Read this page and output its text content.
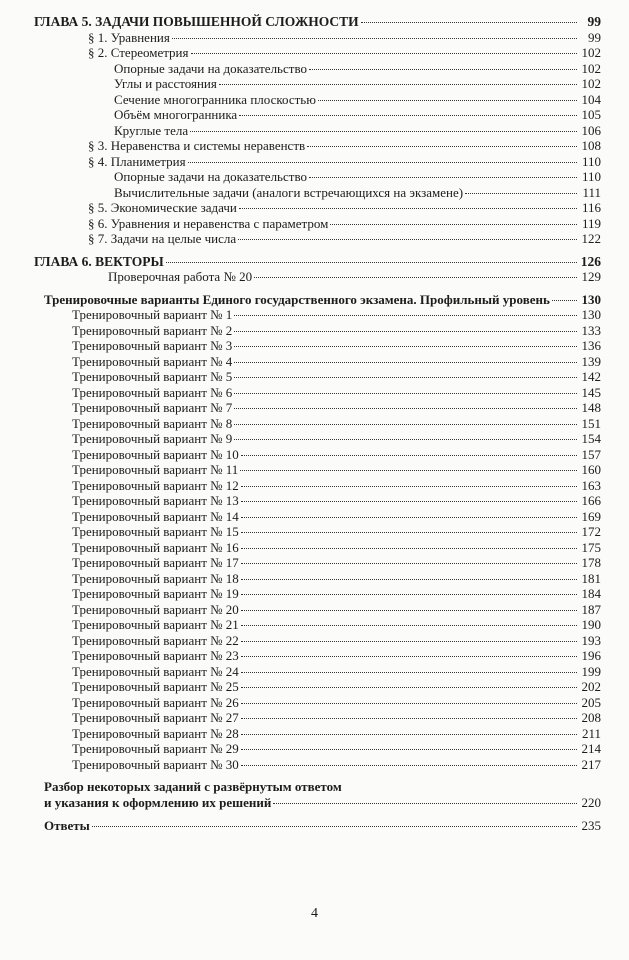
ГЛАВА 5. ЗАДАЧИ ПОВЫШЕННОЙ СЛОЖНОСТИ	99
§ 1. Уравнения	99
§ 2. Стереометрия	102
Опорные задачи на доказательство	102
Углы и расстояния	102
Сечение многогранника плоскостью	104
Объём многогранника	105
Круглые тела	106
§ 3. Неравенства и системы неравенств	108
§ 4. Планиметрия	110
Опорные задачи на доказательство	110
Вычислительные задачи (аналоги встречающихся на экзамене)	111
§ 5. Экономические задачи	116
§ 6. Уравнения и неравенства с параметром	119
§ 7. Задачи на целые числа	122
ГЛАВА 6. ВЕКТОРЫ	126
Проверочная работа № 20	129
Тренировочные варианты Единого государственного экзамена. Профильный уровень 130
Тренировочный вариант № 1	130
Тренировочный вариант № 2	133
Тренировочный вариант № 3	136
Тренировочный вариант № 4	139
Тренировочный вариант № 5	142
Тренировочный вариант № 6	145
Тренировочный вариант № 7	148
Тренировочный вариант № 8	151
Тренировочный вариант № 9	154
Тренировочный вариант № 10	157
Тренировочный вариант № 11	160
Тренировочный вариант № 12	163
Тренировочный вариант № 13	166
Тренировочный вариант № 14	169
Тренировочный вариант № 15	172
Тренировочный вариант № 16	175
Тренировочный вариант № 17	178
Тренировочный вариант № 18	181
Тренировочный вариант № 19	184
Тренировочный вариант № 20	187
Тренировочный вариант № 21	190
Тренировочный вариант № 22	193
Тренировочный вариант № 23	196
Тренировочный вариант № 24	199
Тренировочный вариант № 25	202
Тренировочный вариант № 26	205
Тренировочный вариант № 27	208
Тренировочный вариант № 28	211
Тренировочный вариант № 29	214
Тренировочный вариант № 30	217
Разбор некоторых заданий с развёрнутым ответом
и указания к оформлению их решений	220
Ответы	235
4
